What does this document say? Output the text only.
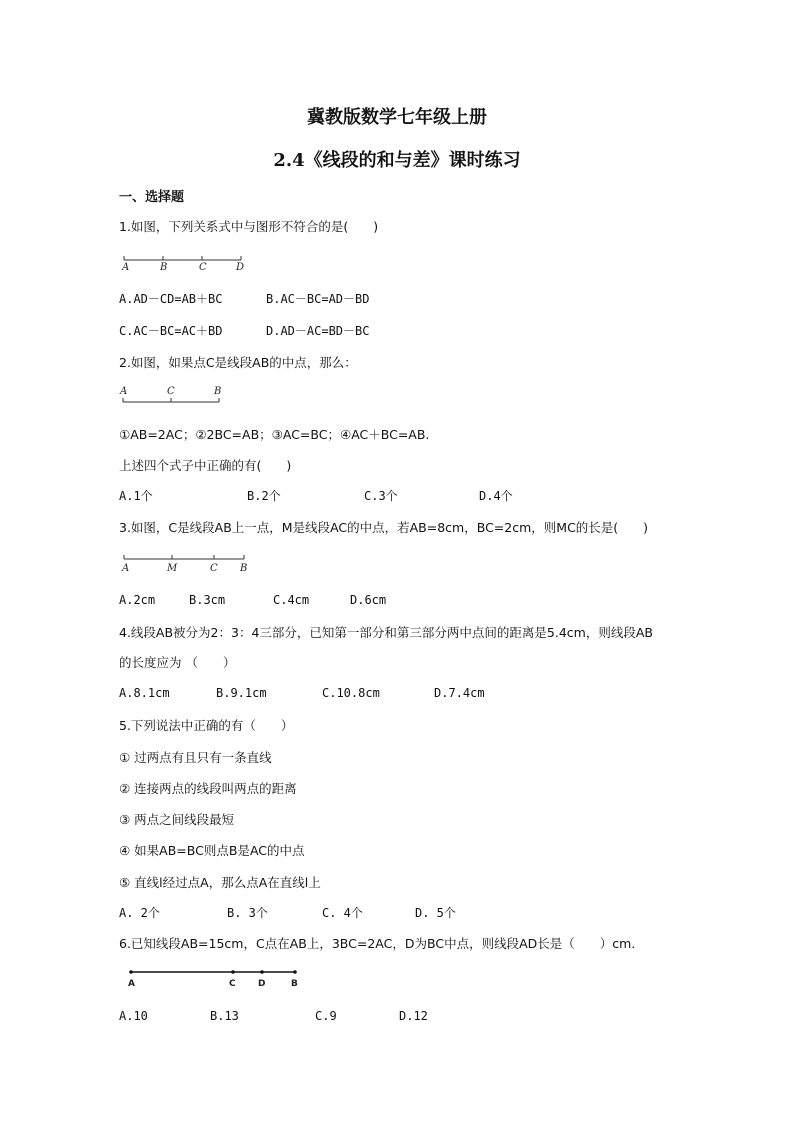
冀教版数学七年级上册
2.4《线段的和与差》课时练习
一、选择题
1.如图，下列关系式中与图形不符合的是(　　)
A	B	C	D
A.AD－CD=AB＋BC	B.AC－BC=AD－BD
C.AC－BC=AC＋BD	D.AD－AC=BD－BC
2.如图，如果点C是线段AB的中点，那么：
A	C	B
①AB=2AC；②2BC=AB；③AC=BC；④AC＋BC=AB.
上述四个式子中正确的有(　　)
A.1个	B.2个	C.3个	D.4个
3.如图，C是线段AB上一点，M是线段AC的中点，若AB=8cm，BC=2cm，则MC的长是(　　)
A	M	C B
A.2cm	B.3cm	C.4cm	D.6cm
4.线段AB被分为2：3：4三部分，已知第一部分和第三部分两中点间的距离是5.4cm，则线段AB
的长度应为 （　　）
A.8.1cm	B.9.1cm	C.10.8cm	D.7.4cm
5.下列说法中正确的有（　　）
① 过两点有且只有一条直线
② 连接两点的线段叫两点的距离
③ 两点之间线段最短
④ 如果AB=BC则点B是AC的中点
⑤ 直线l经过点A，那么点A在直线l上
A. 2个	B. 3个	C. 4个	D. 5个
6.已知线段AB=15cm，C点在AB上，3BC=2AC，D为BC中点，则线段AD长是（　　）cm.
A	C D	B
A.10	B.13	C.9	D.12
